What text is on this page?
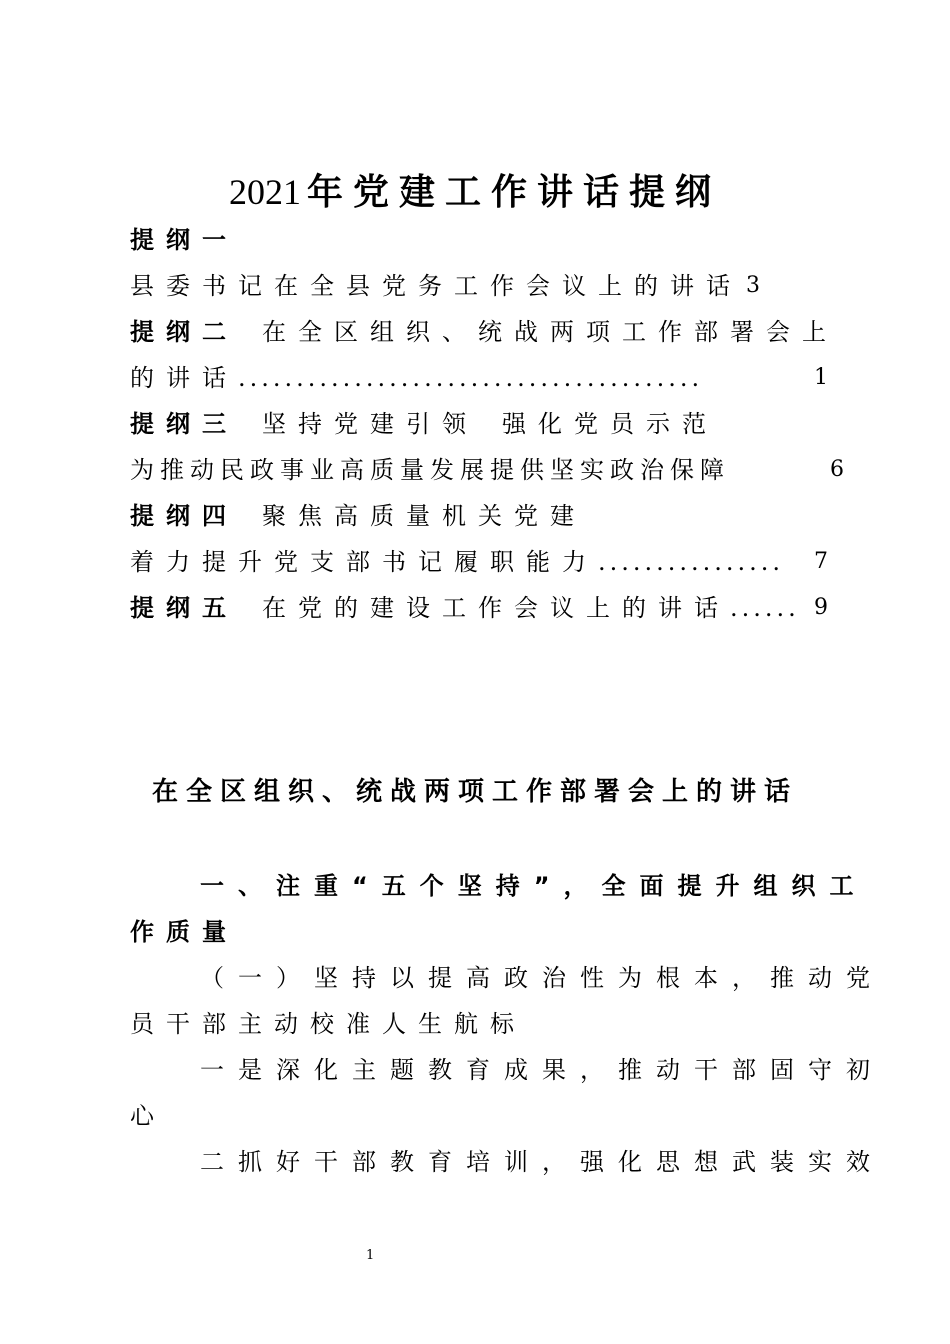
2021 年党建工作讲话提纲
提纲一
县委书记在全县党务工作会议上的讲话 3
提纲二 在全区组织、统战两项工作部署会上
的讲话........................................	1
提纲三 坚持党建引领 强化党员示范
为推动民政事业高质量发展提供坚实政治保障	6
提纲四 聚焦高质量机关党建
着力提升党支部书记履职能力................ 7
提纲五 在党的建设工作会议上的讲话...... 9
在全区组织、统战两项工作部署会上的讲话
一、注重“五个坚持”，全面提升组织工
作质量
（一）坚持以提高政治性为根本，推动党
员干部主动校准人生航标
一是深化主题教育成果，推动干部固守初
心
二抓好干部教育培训，强化思想武装实效
1
